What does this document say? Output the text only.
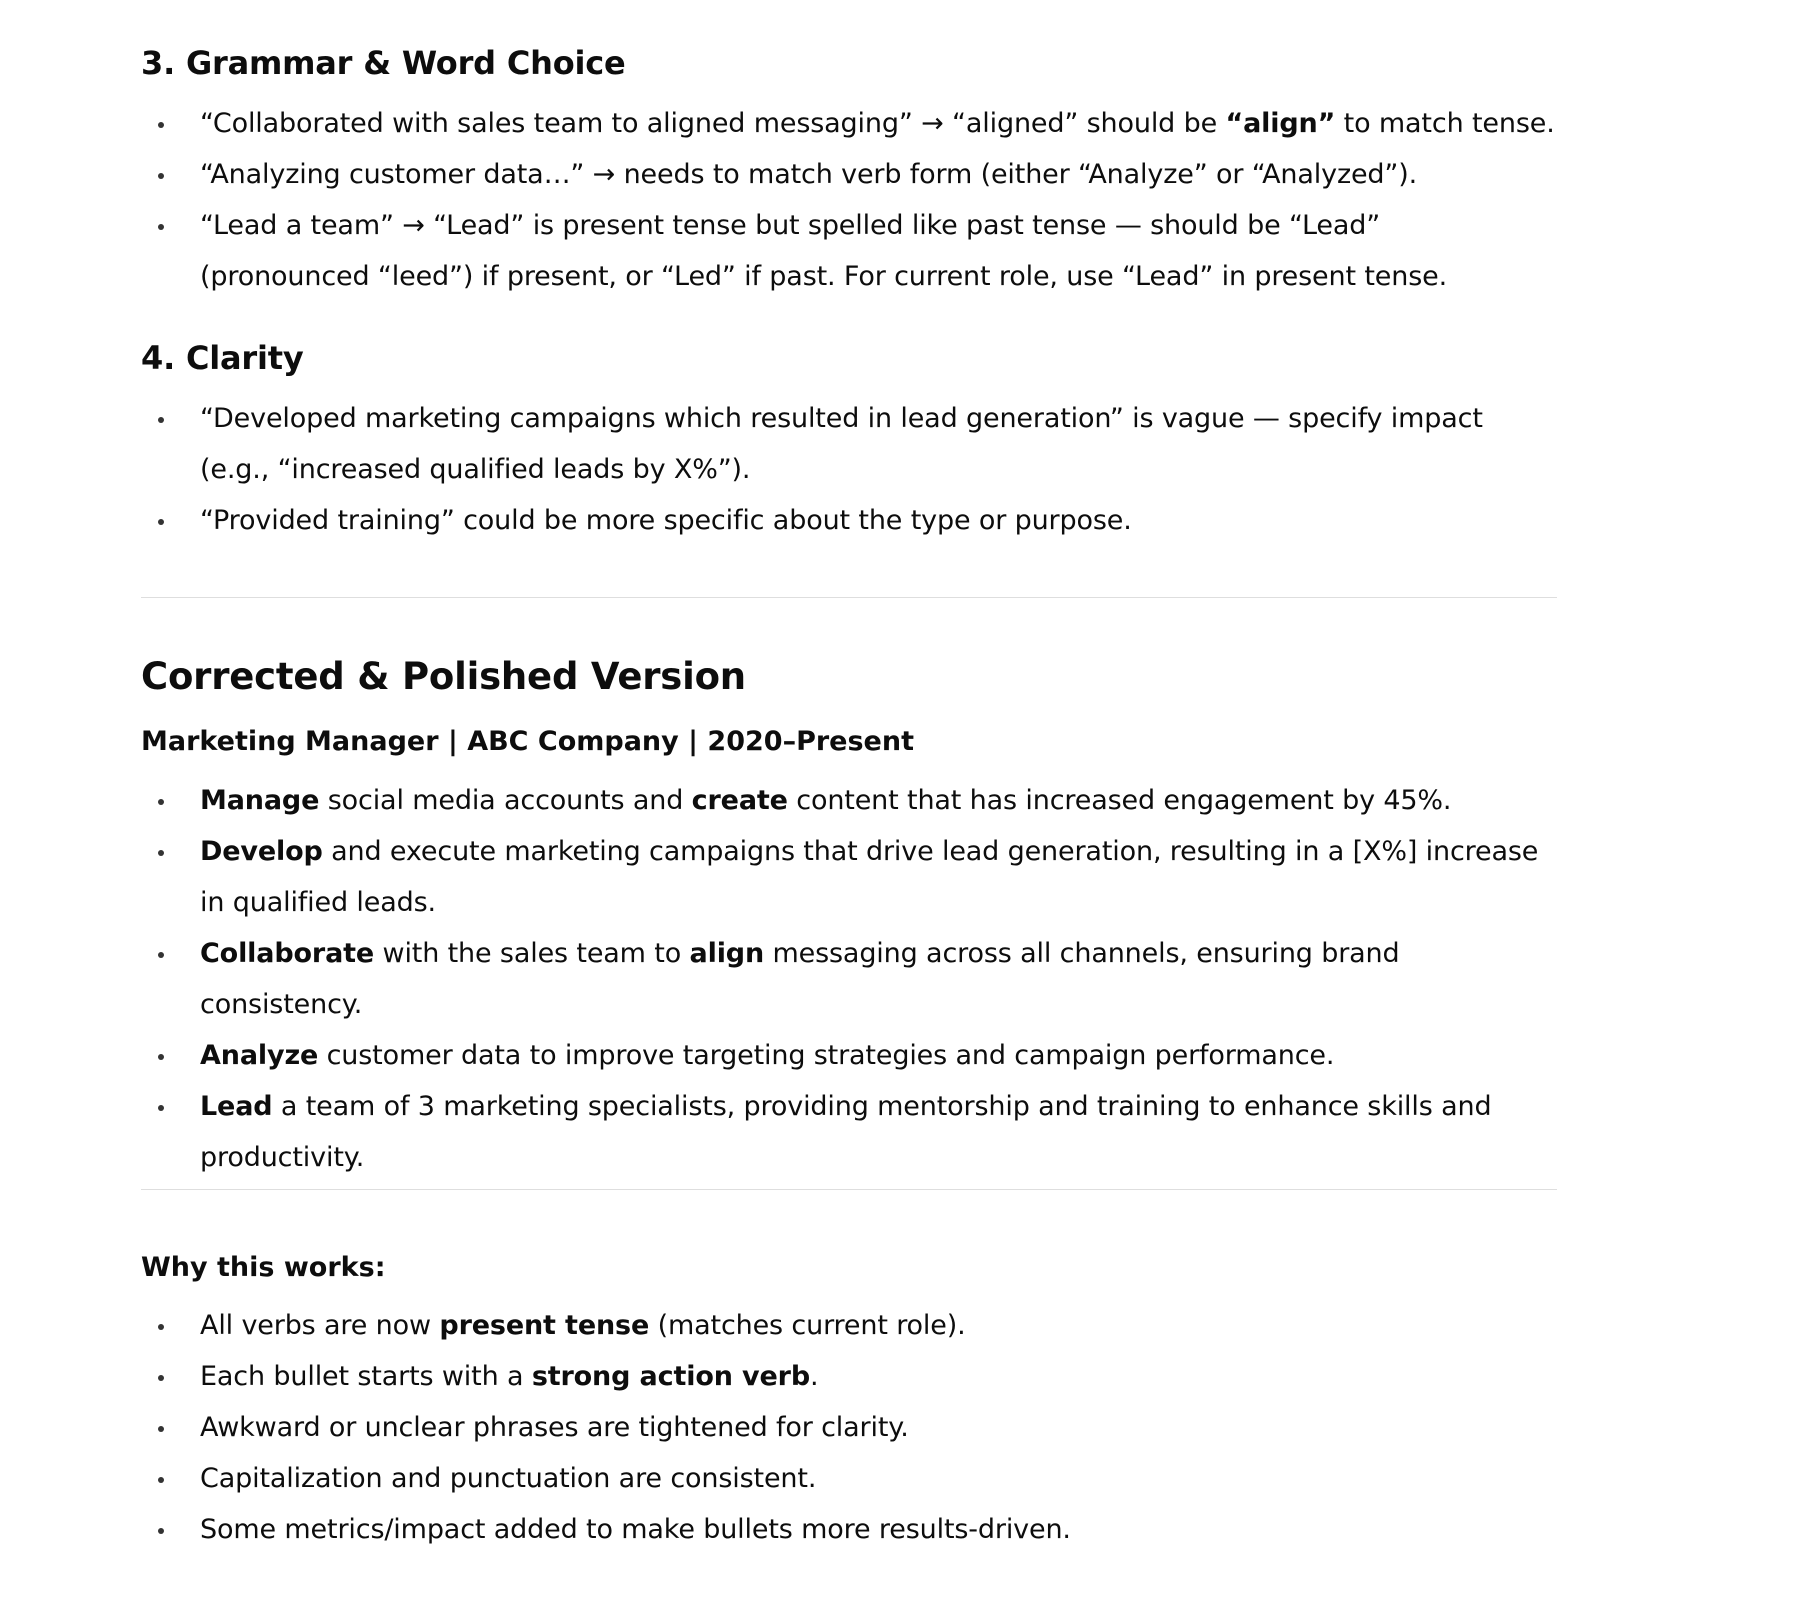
3. Grammar & Word Choice
“Collaborated with sales team to aligned messaging” → “aligned” should be “align” to match tense.
“Analyzing customer data…” → needs to match verb form (either “Analyze” or “Analyzed”).
“Lead a team” → “Lead” is present tense but spelled like past tense — should be “Lead” (pronounced “leed”) if present, or “Led” if past. For current role, use “Lead” in present tense.
4. Clarity
“Developed marketing campaigns which resulted in lead generation” is vague — specify impact (e.g., “increased qualified leads by X%”).
“Provided training” could be more specific about the type or purpose.
Corrected & Polished Version

Marketing Manager | ABC Company | 2020–Present

Manage social media accounts and create content that has increased engagement by 45%.
Develop and execute marketing campaigns that drive lead generation, resulting in a [X%] increase in qualified leads.
Collaborate with the sales team to align messaging across all channels, ensuring brand consistency.
Analyze customer data to improve targeting strategies and campaign performance.
Lead a team of 3 marketing specialists, providing mentorship and training to enhance skills and productivity.

Why this works:

All verbs are now present tense (matches current role).
Each bullet starts with a strong action verb.
Awkward or unclear phrases are tightened for clarity.
Capitalization and punctuation are consistent.
Some metrics/impact added to make bullets more results-driven.
